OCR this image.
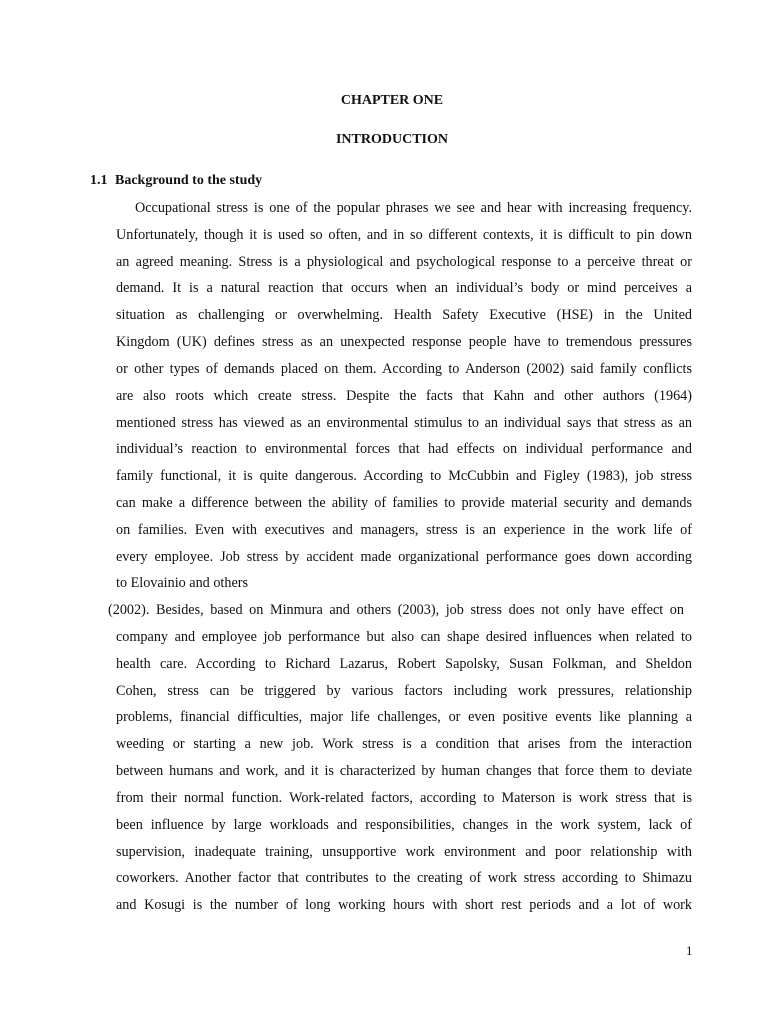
CHAPTER ONE
INTRODUCTION
1.1 Background to the study
Occupational stress is one of the popular phrases we see and hear with increasing frequency.
Unfortunately, though it is used so often, and in so different contexts, it is difficult to pin down
an agreed meaning. Stress is a physiological and psychological response to a perceive threat or
demand. It is a natural reaction that occurs when an individual’s body or mind perceives a
situation as challenging or overwhelming. Health Safety Executive (HSE) in the United
Kingdom (UK) defines stress as an unexpected response people have to tremendous pressures
or other types of demands placed on them. According to Anderson (2002) said family conflicts
are also roots which create stress. Despite the facts that Kahn and other authors (1964)
mentioned stress has viewed as an environmental stimulus to an individual says that stress as an
individual’s reaction to environmental forces that had effects on individual performance and
family functional, it is quite dangerous. According to McCubbin and Figley (1983), job stress
can make a difference between the ability of families to provide material security and demands
on families. Even with executives and managers, stress is an experience in the work life of
every employee. Job stress by accident made organizational performance goes down according
to Elovainio and others
(2002). Besides, based on Minmura and others (2003), job stress does not only have effect on
company and employee job performance but also can shape desired influences when related to
health care. According to Richard Lazarus, Robert Sapolsky, Susan Folkman, and Sheldon
Cohen, stress can be triggered by various factors including work pressures, relationship
problems, financial difficulties, major life challenges, or even positive events like planning a
weeding or starting a new job. Work stress is a condition that arises from the interaction
between humans and work, and it is characterized by human changes that force them to deviate
from their normal function. Work-related factors, according to Materson is work stress that is
been influence by large workloads and responsibilities, changes in the work system, lack of
supervision, inadequate training, unsupportive work environment and poor relationship with
coworkers. Another factor that contributes to the creating of work stress according to Shimazu
and Kosugi is the number of long working hours with short rest periods and a lot of work
1
